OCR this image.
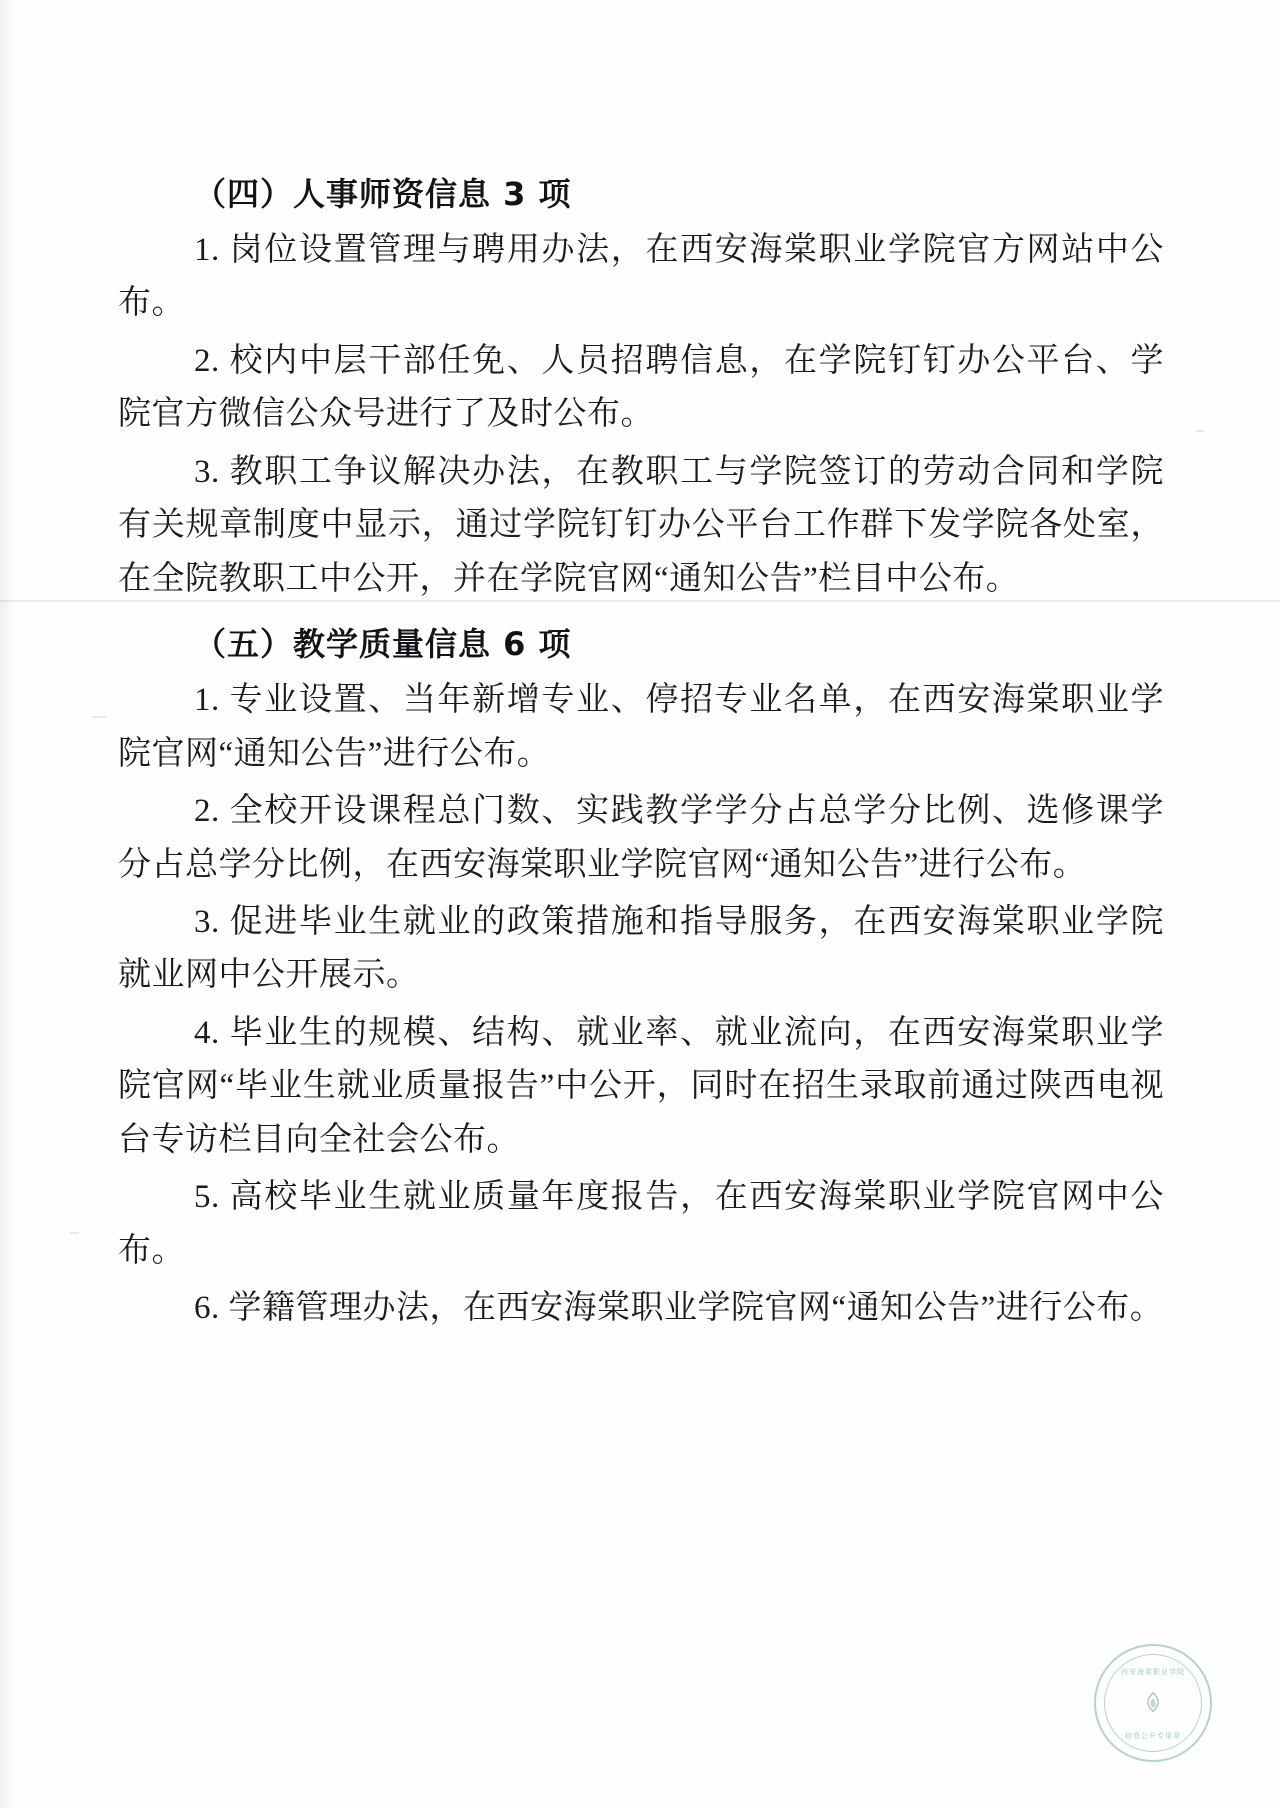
（四）人事师资信息 3 项

1. 岗位设置管理与聘用办法，在西安海棠职业学院官方网站中公布。

2. 校内中层干部任免、人员招聘信息，在学院钉钉办公平台、学院官方微信公众号进行了及时公布。

3. 教职工争议解决办法，在教职工与学院签订的劳动合同和学院有关规章制度中显示，通过学院钉钉办公平台工作群下发学院各处室，在全院教职工中公开，并在学院官网“通知公告”栏目中公布。

（五）教学质量信息 6 项

1. 专业设置、当年新增专业、停招专业名单，在西安海棠职业学院官网“通知公告”进行公布。

2. 全校开设课程总门数、实践教学学分占总学分比例、选修课学分占总学分比例，在西安海棠职业学院官网“通知公告”进行公布。

3. 促进毕业生就业的政策措施和指导服务，在西安海棠职业学院就业网中公开展示。

4. 毕业生的规模、结构、就业率、就业流向，在西安海棠职业学院官网“毕业生就业质量报告”中公开，同时在招生录取前通过陕西电视台专访栏目向全社会公布。

5. 高校毕业生就业质量年度报告，在西安海棠职业学院官网中公布。

6. 学籍管理办法，在西安海棠职业学院官网“通知公告”进行公布。

西安海棠职业学院
信息公开专用章
